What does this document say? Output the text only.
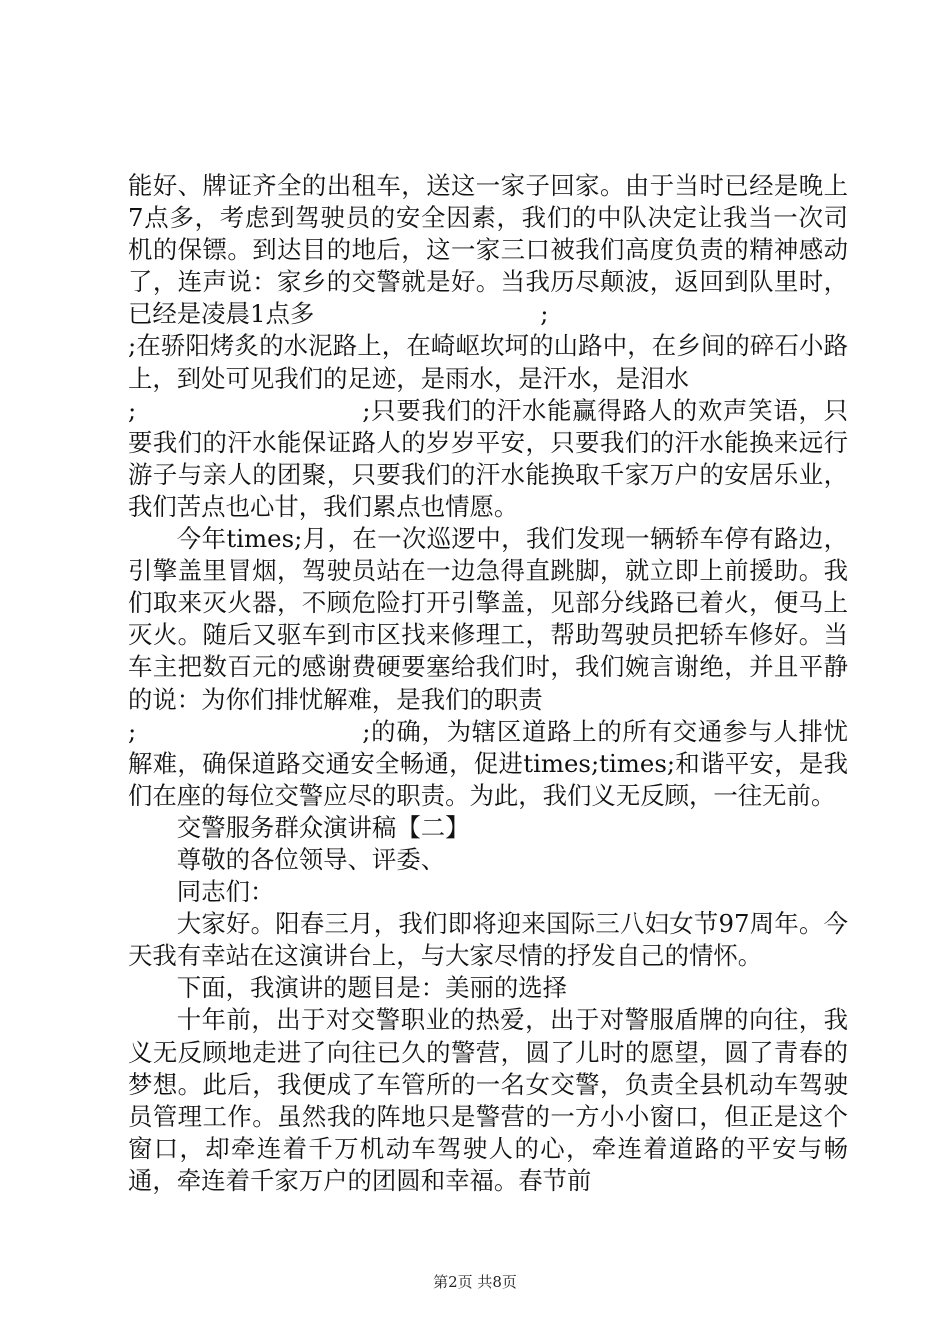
能好、牌证齐全的出租车，送这一家子回家。由于当时已经是晚上7点多，考虑到驾驶员的安全因素，我们的中队决定让我当一次司机的保镖。到达目的地后，这一家三口被我们高度负责的精神感动了，连声说：家乡的交警就是好。当我历尽颠波，返回到队里时，已经是凌晨1点多	;

;在骄阳烤炙的水泥路上，在崎岖坎坷的山路中，在乡间的碎石小路上，到处可见我们的足迹，是雨水，是汗水，是泪水

;	;只要我们的汗水能赢得路人的欢声笑语，只要我们的汗水能保证路人的岁岁平安，只要我们的汗水能换来远行游子与亲人的团聚，只要我们的汗水能换取千家万户的安居乐业，我们苦点也心甘，我们累点也情愿。

今年times;月，在一次巡逻中，我们发现一辆轿车停有路边，引擎盖里冒烟，驾驶员站在一边急得直跳脚，就立即上前援助。我们取来灭火器，不顾危险打开引擎盖，见部分线路已着火，便马上灭火。随后又驱车到市区找来修理工，帮助驾驶员把轿车修好。当车主把数百元的感谢费硬要塞给我们时，我们婉言谢绝，并且平静的说：为你们排忧解难，是我们的职责

;	;的确，为辖区道路上的所有交通参与人排忧解难，确保道路交通安全畅通，促进times;times;和谐平安，是我们在座的每位交警应尽的职责。为此，我们义无反顾，一往无前。

交警服务群众演讲稿【二】

尊敬的各位领导、评委、

同志们：

大家好。阳春三月，我们即将迎来国际三八妇女节97周年。今天我有幸站在这演讲台上，与大家尽情的抒发自己的情怀。

下面，我演讲的题目是：美丽的选择

十年前，出于对交警职业的热爱，出于对警服盾牌的向往，我义无反顾地走进了向往已久的警营，圆了儿时的愿望，圆了青春的梦想。此后，我便成了车管所的一名女交警，负责全县机动车驾驶员管理工作。虽然我的阵地只是警营的一方小小窗口，但正是这个窗口，却牵连着千万机动车驾驶人的心，牵连着道路的平安与畅通，牵连着千家万户的团圆和幸福。春节前

第2页 共8页
